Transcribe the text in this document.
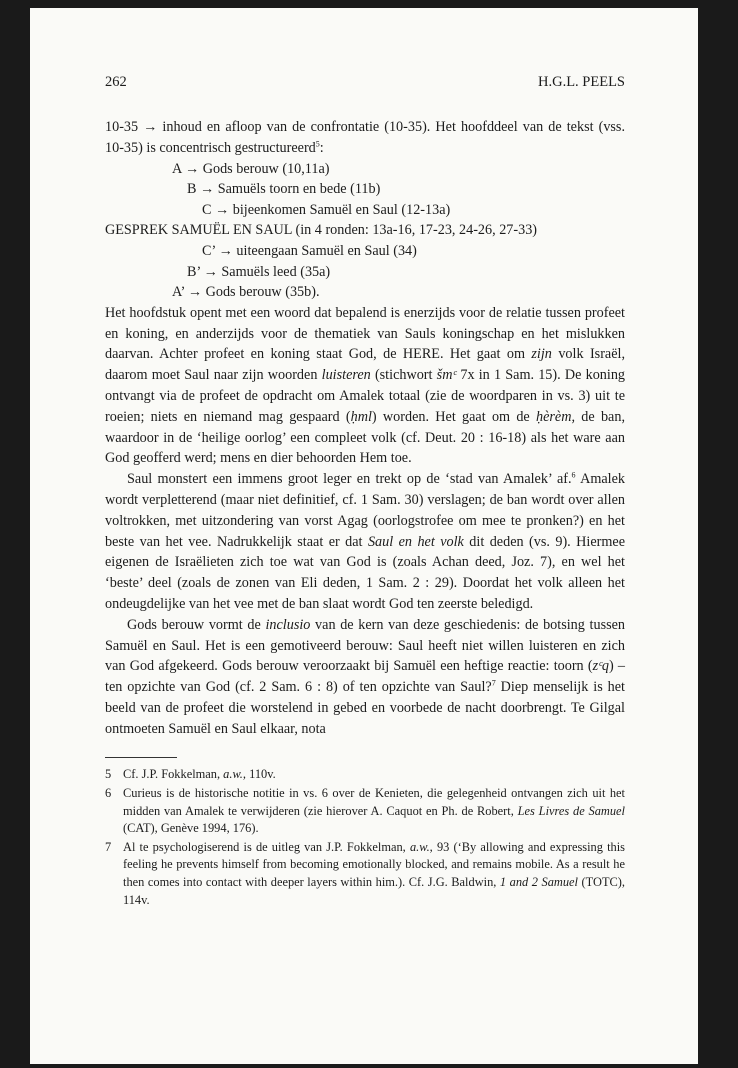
262	H.G.L. PEELS

10-35 → inhoud en afloop van de confrontatie (10-35). Het hoofddeel van de tekst (vss. 10-35) is concentrisch gestructureerd$^5$:

A → Gods berouw (10,11a)
B → Samuëls toorn en bede (11b)
C → bijeenkomen Samuël en Saul (12-13a)
GESPREK SAMUËL EN SAUL (in 4 ronden: 13a-16, 17-23, 24-26, 27-33)
C’ → uiteengaan Samuël en Saul (34)
B’ → Samuëls leed (35a)
A’ → Gods berouw (35b).

Het hoofdstuk opent met een woord dat bepalend is enerzijds voor de relatie tussen profeet en koning, en anderzijds voor de thematiek van Sauls koningschap en het mislukken daarvan. Achter profeet en koning staat God, de HERE. Het gaat om zijn volk Israël, daarom moet Saul naar zijn woorden luisteren (stichwort šmᶜ 7x in 1 Sam. 15). De koning ontvangt via de profeet de opdracht om Amalek totaal (zie de woordparen in vs. 3) uit te roeien; niets en niemand mag gespaard (ḥml) worden. Het gaat om de ḥèrèm, de ban, waardoor in de ‘heilige oorlog’ een compleet volk (cf. Deut. 20 : 16-18) als het ware aan God geofferd werd; mens en dier behoorden Hem toe.

Saul monstert een immens groot leger en trekt op de ‘stad van Amalek’ af.$^6$ Amalek wordt verpletterend (maar niet definitief, cf. 1 Sam. 30) verslagen; de ban wordt over allen voltrokken, met uitzondering van vorst Agag (oorlogstrofee om mee te pronken?) en het beste van het vee. Nadrukkelijk staat er dat Saul en het volk dit deden (vs. 9). Hiermee eigenen de Israëlieten zich toe wat van God is (zoals Achan deed, Joz. 7), en wel het ‘beste’ deel (zoals de zonen van Eli deden, 1 Sam. 2 : 29). Doordat het volk alleen het ondeugdelijke van het vee met de ban slaat wordt God ten zeerste beledigd.

Gods berouw vormt de inclusio van de kern van deze geschiedenis: de botsing tussen Samuël en Saul. Het is een gemotiveerd berouw: Saul heeft niet willen luisteren en zich van God afgekeerd. Gods berouw veroorzaakt bij Samuël een heftige reactie: toorn (zᶜq) – ten opzichte van God (cf. 2 Sam. 6 : 8) of ten opzichte van Saul?$^7$ Diep menselijk is het beeld van de profeet die worstelend in gebed en voorbede de nacht doorbrengt. Te Gilgal ontmoeten Samuël en Saul elkaar, nota

5 Cf. J.P. Fokkelman, a.w., 110v.
6 Curieus is de historische notitie in vs. 6 over de Kenieten, die gelegenheid ontvangen zich uit het midden van Amalek te verwijderen (zie hierover A. Caquot en Ph. de Robert, Les Livres de Samuel (CAT), Genève 1994, 176).
7 Al te psychologiserend is de uitleg van J.P. Fokkelman, a.w., 93 (‘By allowing and expressing this feeling he prevents himself from becoming emotionally blocked, and remains mobile. As a result he then comes into contact with deeper layers within him.). Cf. J.G. Baldwin, 1 and 2 Samuel (TOTC), 114v.
